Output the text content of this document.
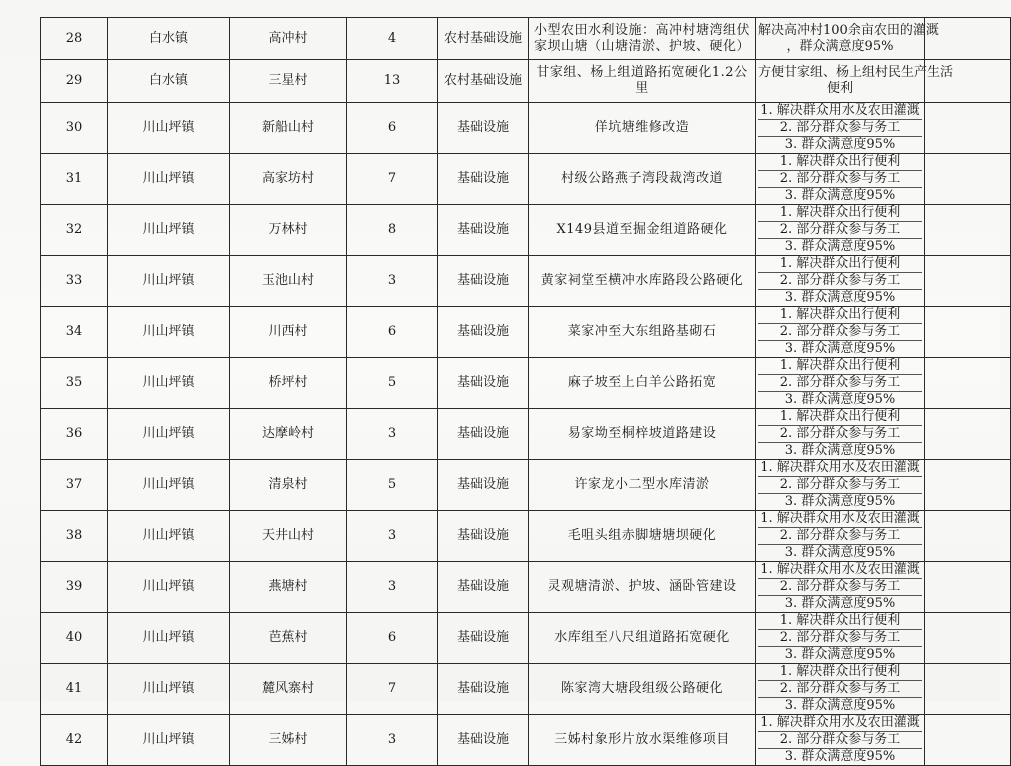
28	白水镇	高冲村	4	农村基础设施	小型农田水利设施：高冲村塘湾组伏家坝山塘（山塘清淤、护坡、硬化）	解决高冲村100余亩农田的灌溉
，群众满意度95%	

29	白水镇	三星村	13	农村基础设施	甘家组、杨上组道路拓宽硬化1.2公里	方便甘家组、杨上组村民生产生活
便利	

30	川山坪镇	新船山村	6	基础设施	佯坑塘维修改造	1. 解决群众用水及农田灌溉
2. 部分群众参与务工
3. 群众满意度95%	

31	川山坪镇	高家坊村	7	基础设施	村级公路燕子湾段裁湾改道	1. 解决群众出行便利
2. 部分群众参与务工
3. 群众满意度95%	

32	川山坪镇	万林村	8	基础设施	X149县道至掘金组道路硬化	1. 解决群众出行便利
2. 部分群众参与务工
3. 群众满意度95%	

33	川山坪镇	玉池山村	3	基础设施	黄家祠堂至横冲水库路段公路硬化	1. 解决群众出行便利
2. 部分群众参与务工
3. 群众满意度95%	

34	川山坪镇	川西村	6	基础设施	菜家冲至大东组路基砌石	1. 解决群众出行便利
2. 部分群众参与务工
3. 群众满意度95%	

35	川山坪镇	桥坪村	5	基础设施	麻子坡至上白羊公路拓宽	1. 解决群众出行便利
2. 部分群众参与务工
3. 群众满意度95%	

36	川山坪镇	达摩岭村	3	基础设施	易家坳至桐梓坡道路建设	1. 解决群众出行便利
2. 部分群众参与务工
3. 群众满意度95%	

37	川山坪镇	清泉村	5	基础设施	许家龙小二型水库清淤	1. 解决群众用水及农田灌溉
2. 部分群众参与务工
3. 群众满意度95%	

38	川山坪镇	天井山村	3	基础设施	毛咀头组赤脚塘塘坝硬化	1. 解决群众用水及农田灌溉
2. 部分群众参与务工
3. 群众满意度95%	

39	川山坪镇	燕塘村	3	基础设施	灵观塘清淤、护坡、涵卧管建设	1. 解决群众用水及农田灌溉
2. 部分群众参与务工
3. 群众满意度95%	

40	川山坪镇	芭蕉村	6	基础设施	水库组至八尺组道路拓宽硬化	1. 解决群众出行便利
2. 部分群众参与务工
3. 群众满意度95%	

41	川山坪镇	麓风寨村	7	基础设施	陈家湾大塘段组级公路硬化	1. 解决群众出行便利
2. 部分群众参与务工
3. 群众满意度95%	

42	川山坪镇	三姊村	3	基础设施	三姊村象形片放水渠维修项目	1. 解决群众用水及农田灌溉
2. 部分群众参与务工
3. 群众满意度95%	
